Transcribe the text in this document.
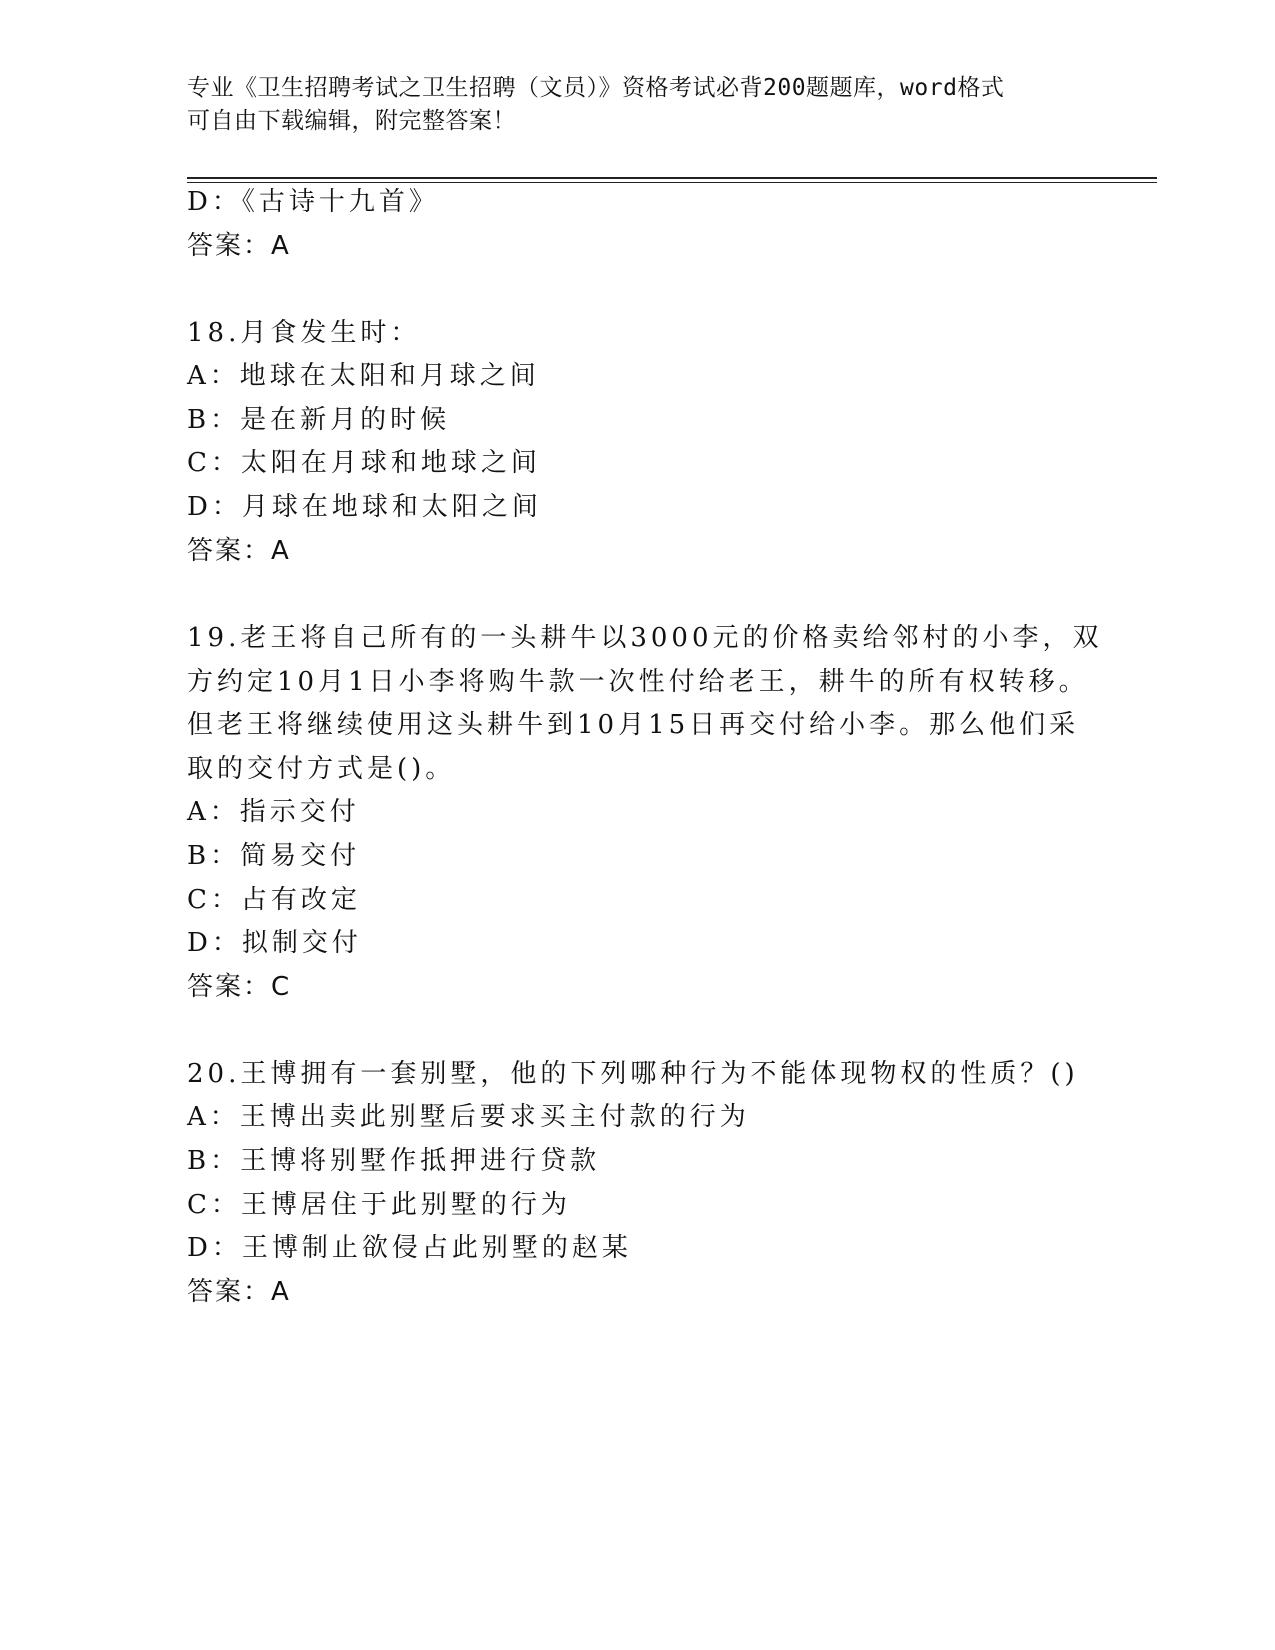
专业《卫生招聘考试之卫生招聘（文员）》资格考试必背200题题库，word格式
可自由下载编辑，附完整答案！
D：《古诗十九首》
答案：A
18.月食发生时：
A：地球在太阳和月球之间
B：是在新月的时候
C：太阳在月球和地球之间
D：月球在地球和太阳之间
答案：A
19.老王将自己所有的一头耕牛以3000元的价格卖给邻村的小李，双
方约定10月1日小李将购牛款一次性付给老王，耕牛的所有权转移。
但老王将继续使用这头耕牛到10月15日再交付给小李。那么他们采
取的交付方式是()。
A：指示交付
B：简易交付
C：占有改定
D：拟制交付
答案：C
20.王博拥有一套别墅，他的下列哪种行为不能体现物权的性质？()
A：王博出卖此别墅后要求买主付款的行为
B：王博将别墅作抵押进行贷款
C：王博居住于此别墅的行为
D：王博制止欲侵占此别墅的赵某
答案：A
